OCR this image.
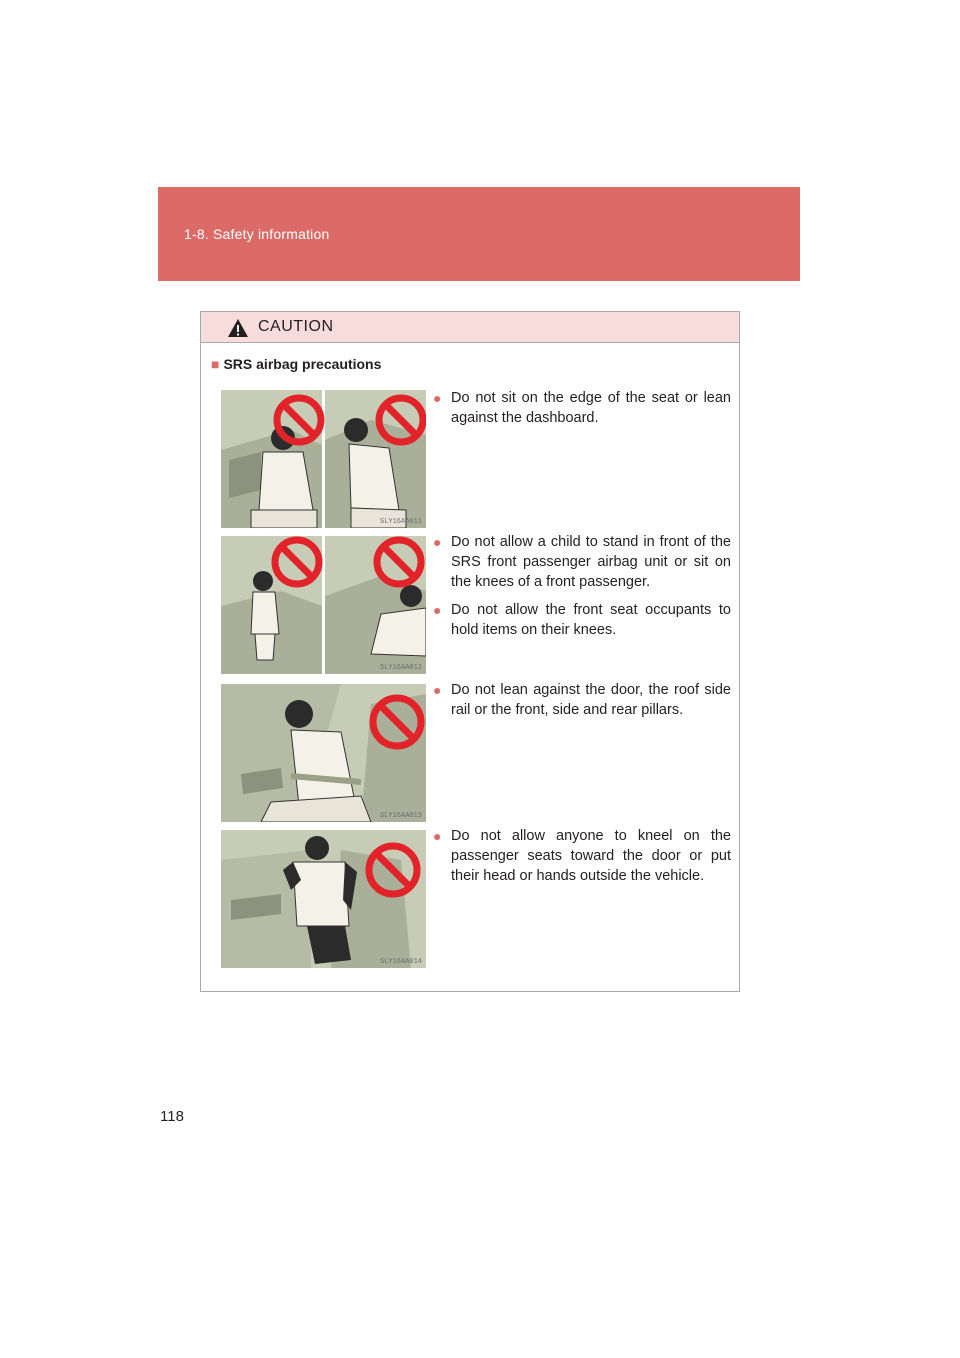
1-8. Safety information
CAUTION
■ SRS airbag precautions
SLY16AA011
● Do not sit on the edge of the seat or lean against the dashboard.
SLY16AA012
● Do not allow a child to stand in front of the SRS front passenger airbag unit or sit on the knees of a front passenger.
● Do not allow the front seat occupants to hold items on their knees.
SLY16AA013
● Do not lean against the door, the roof side rail or the front, side and rear pillars.
SLY16AA014
● Do not allow anyone to kneel on the passenger seats toward the door or put their head or hands outside the vehicle.
118
